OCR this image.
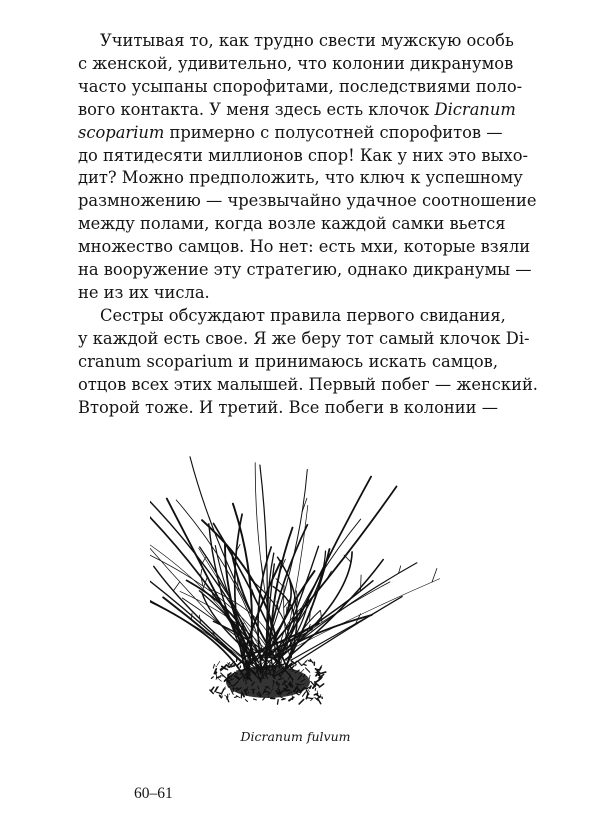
Учитывая то, как трудно свести мужскую особь
с женской, удивительно, что колонии дикранумов
часто усыпаны спорофитами, последствиями поло-
вого контакта. У меня здесь есть клочок Dicranum
scoparium примерно с полусотней спорофитов —
до пятидесяти миллионов спор! Как у них это выхо-
дит? Можно предположить, что ключ к успешному
размножению — чрезвычайно удачное соотношение
между полами, когда возле каждой самки вьется
множество самцов. Но нет: есть мхи, которые взяли
на вооружение эту стратегию, однако дикранумы —
не из их числа.
Сестры обсуждают правила первого свидания,
у каждой есть свое. Я же беру тот самый клочок Di-
cranum scoparium и принимаюсь искать самцов,
отцов всех этих малышей. Первый побег — женский.
Второй тоже. И третий. Все побеги в колонии —
Dicranum fulvum
60–61
